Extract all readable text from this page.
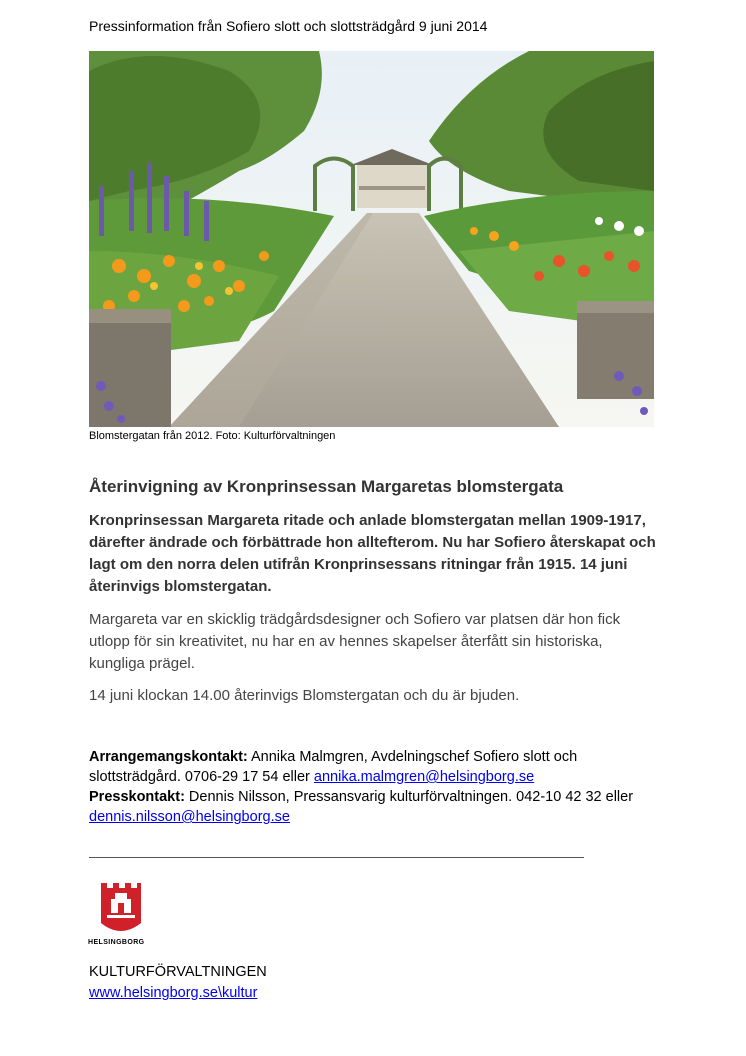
Pressinformation från Sofiero slott och slottsträdgård 9 juni 2014
Blomstergatan från 2012. Foto: Kulturförvaltningen
Återinvigning av Kronprinsessan Margaretas blomstergata
Kronprinsessan Margareta ritade och anlade blomstergatan mellan 1909-1917, därefter ändrade och förbättrade hon alltefterom. Nu har Sofiero återskapat och lagt om den norra delen utifrån Kronprinsessans ritningar från 1915. 14 juni återinvigs blomstergatan.
Margareta var en skicklig trädgårdsdesigner och Sofiero var platsen där hon fick utlopp för sin kreativitet, nu har en av hennes skapelser återfått sin historiska, kungliga prägel.
14 juni klockan 14.00 återinvigs Blomstergatan och du är bjuden.
Arrangemangskontakt: Annika Malmgren, Avdelningschef Sofiero slott och slottsträdgård. 0706-29 17 54 eller annika.malmgren@helsingborg.se
Presskontakt: Dennis Nilsson, Pressansvarig kulturförvaltningen. 042-10 42 32 eller
dennis.nilsson@helsingborg.se
HELSINGBORG
KULTURFÖRVALTNINGEN
www.helsingborg.se\kultur
